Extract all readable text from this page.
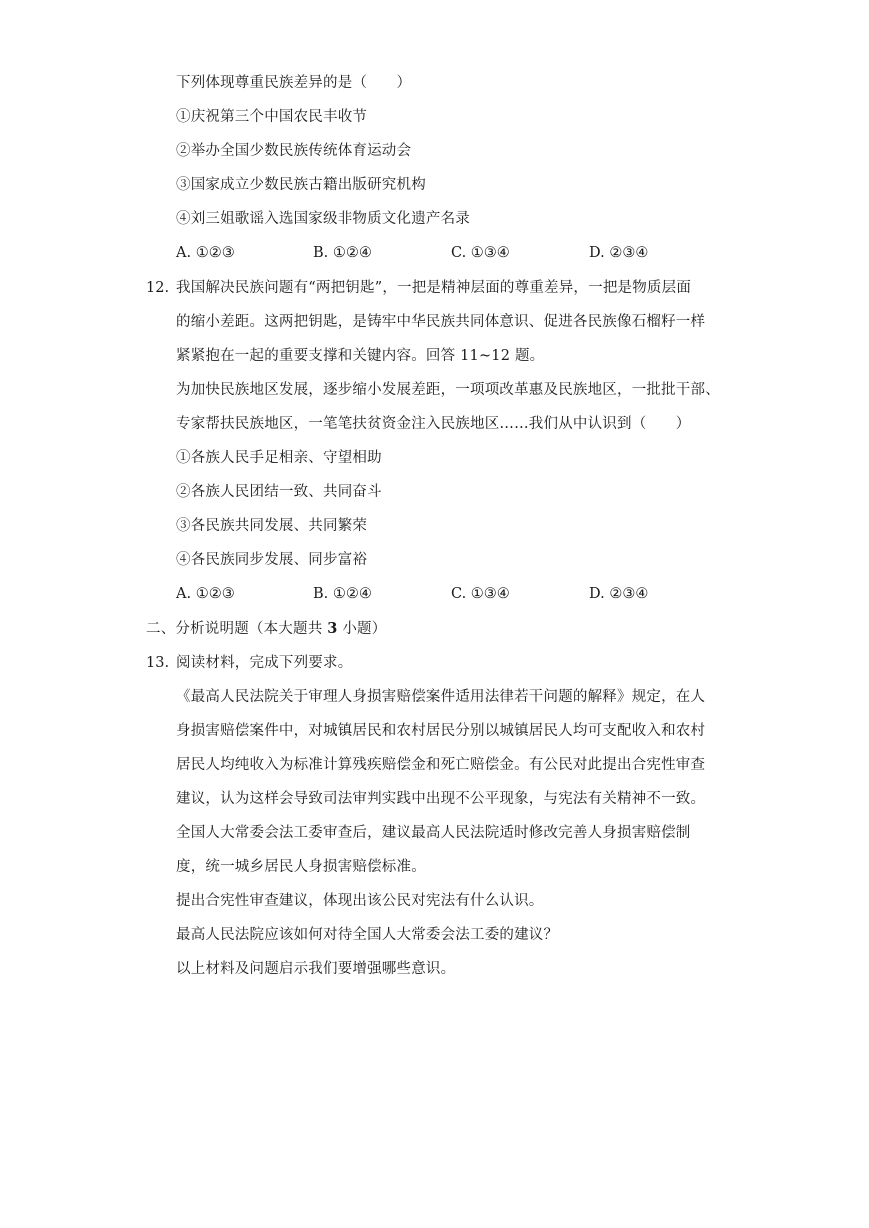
下列体现尊重民族差异的是（　　）
①庆祝第三个中国农民丰收节
②举办全国少数民族传统体育运动会
③国家成立少数民族古籍出版研究机构
④刘三姐歌谣入选国家级非物质文化遗产名录
A. ①②③	B. ①②④	C. ①③④	D. ②③④
12. 我国解决民族问题有“两把钥匙”，一把是精神层面的尊重差异，一把是物质层面
的缩小差距。这两把钥匙，是铸牢中华民族共同体意识、促进各民族像石榴籽一样
紧紧抱在一起的重要支撑和关键内容。回答 11~12 题。
为加快民族地区发展，逐步缩小发展差距，一项项改革惠及民族地区，一批批干部、
专家帮扶民族地区，一笔笔扶贫资金注入民族地区……我们从中认识到（　　）
①各族人民手足相亲、守望相助
②各族人民团结一致、共同奋斗
③各民族共同发展、共同繁荣
④各民族同步发展、同步富裕
A. ①②③	B. ①②④	C. ①③④	D. ②③④
二、分析说明题（本大题共 3 小题）
13. 阅读材料，完成下列要求。
《最高人民法院关于审理人身损害赔偿案件适用法律若干问题的解释》规定，在人
身损害赔偿案件中，对城镇居民和农村居民分别以城镇居民人均可支配收入和农村
居民人均纯收入为标准计算残疾赔偿金和死亡赔偿金。有公民对此提出合宪性审查
建议，认为这样会导致司法审判实践中出现不公平现象，与宪法有关精神不一致。
全国人大常委会法工委审查后，建议最高人民法院适时修改完善人身损害赔偿制
度，统一城乡居民人身损害赔偿标准。
提出合宪性审查建议，体现出该公民对宪法有什么认识。
最高人民法院应该如何对待全国人大常委会法工委的建议？
以上材料及问题启示我们要增强哪些意识。
